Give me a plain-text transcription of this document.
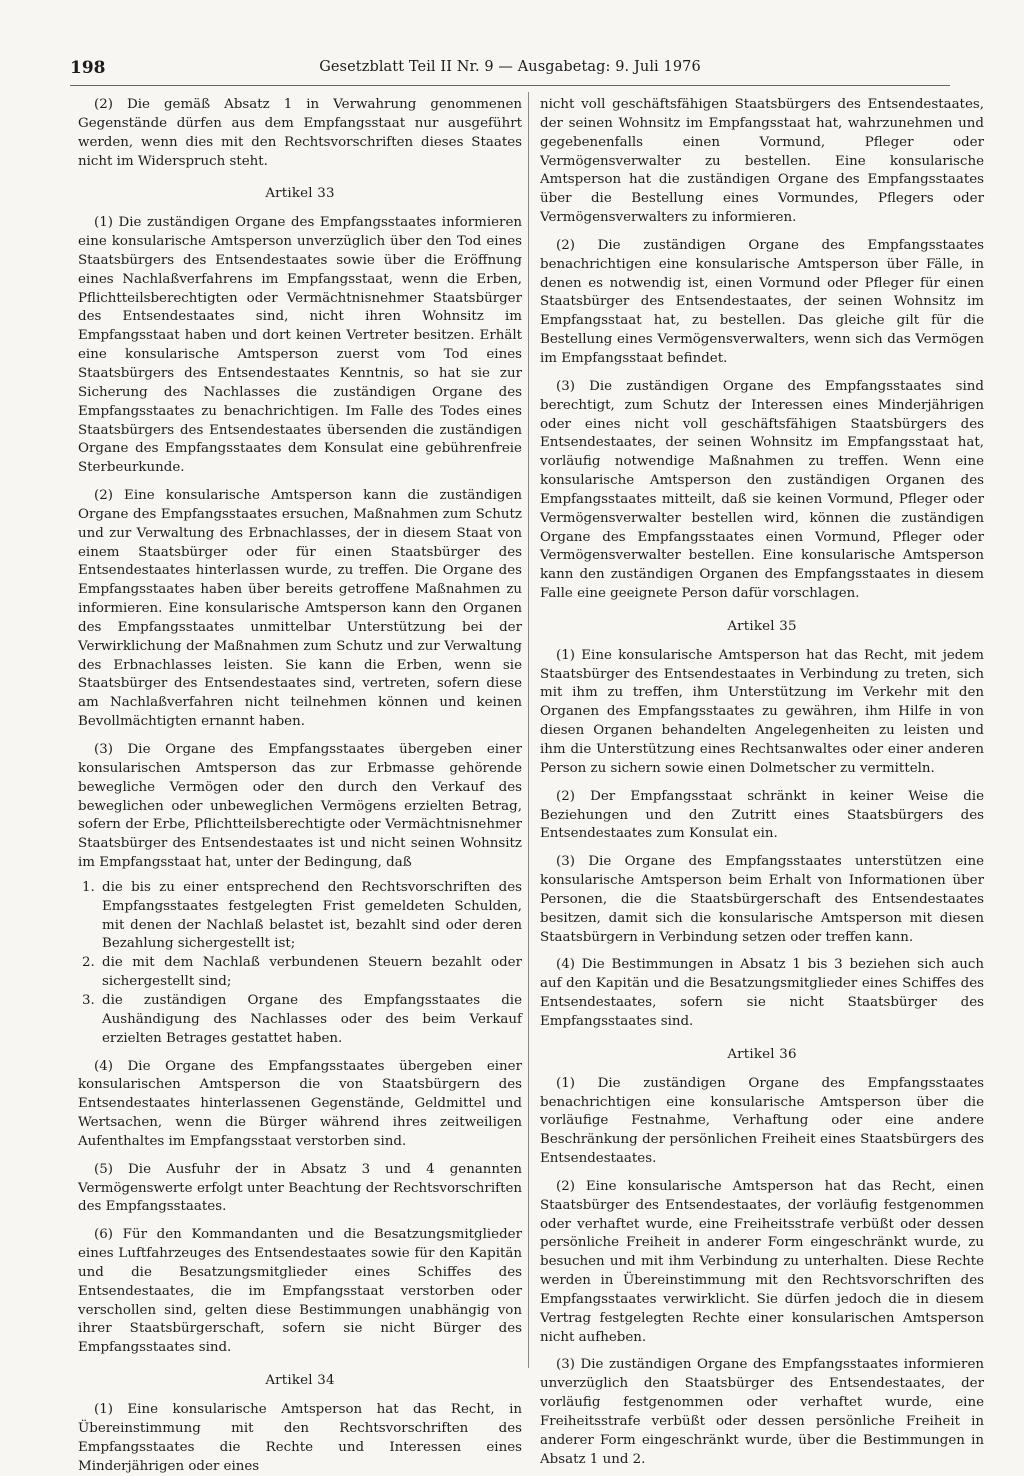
198	Gesetzblatt Teil II Nr. 9 — Ausgabetag: 9. Juli 1976

(2) Die gemäß Absatz 1 in Verwahrung genommenen Gegenstände dürfen aus dem Empfangsstaat nur ausgeführt werden, wenn dies mit den Rechtsvorschriften dieses Staates nicht im Widerspruch steht.

Artikel 33

(1) Die zuständigen Organe des Empfangsstaates informieren eine konsularische Amtsperson unverzüglich über den Tod eines Staatsbürgers des Entsendestaates sowie über die Eröffnung eines Nachlaßverfahrens im Empfangsstaat, wenn die Erben, Pflichtteilsberechtigten oder Vermächtnisnehmer Staatsbürger des Entsendestaates sind, nicht ihren Wohnsitz im Empfangsstaat haben und dort keinen Vertreter besitzen. Erhält eine konsularische Amtsperson zuerst vom Tod eines Staatsbürgers des Entsendestaates Kenntnis, so hat sie zur Sicherung des Nachlasses die zuständigen Organe des Empfangsstaates zu benachrichtigen. Im Falle des Todes eines Staatsbürgers des Entsendestaates übersenden die zuständigen Organe des Empfangsstaates dem Konsulat eine gebührenfreie Sterbeurkunde.

(2) Eine konsularische Amtsperson kann die zuständigen Organe des Empfangsstaates ersuchen, Maßnahmen zum Schutz und zur Verwaltung des Erbnachlasses, der in diesem Staat von einem Staatsbürger oder für einen Staatsbürger des Entsendestaates hinterlassen wurde, zu treffen. Die Organe des Empfangsstaates haben über bereits getroffene Maßnahmen zu informieren. Eine konsularische Amtsperson kann den Organen des Empfangsstaates unmittelbar Unterstützung bei der Verwirklichung der Maßnahmen zum Schutz und zur Verwaltung des Erbnachlasses leisten. Sie kann die Erben, wenn sie Staatsbürger des Entsendestaates sind, vertreten, sofern diese am Nachlaßverfahren nicht teilnehmen können und keinen Bevollmächtigten ernannt haben.

(3) Die Organe des Empfangsstaates übergeben einer konsularischen Amtsperson das zur Erbmasse gehörende bewegliche Vermögen oder den durch den Verkauf des beweglichen oder unbeweglichen Vermögens erzielten Betrag, sofern der Erbe, Pflichtteilsberechtigte oder Vermächtnisnehmer Staatsbürger des Entsendestaates ist und nicht seinen Wohnsitz im Empfangsstaat hat, unter der Bedingung, daß

1. die bis zu einer entsprechend den Rechtsvorschriften des Empfangsstaates festgelegten Frist gemeldeten Schulden, mit denen der Nachlaß belastet ist, bezahlt sind oder deren Bezahlung sichergestellt ist;
2. die mit dem Nachlaß verbundenen Steuern bezahlt oder sichergestellt sind;
3. die zuständigen Organe des Empfangsstaates die Aushändigung des Nachlasses oder des beim Verkauf erzielten Betrages gestattet haben.

(4) Die Organe des Empfangsstaates übergeben einer konsularischen Amtsperson die von Staatsbürgern des Entsendestaates hinterlassenen Gegenstände, Geldmittel und Wertsachen, wenn die Bürger während ihres zeitweiligen Aufenthaltes im Empfangsstaat verstorben sind.

(5) Die Ausfuhr der in Absatz 3 und 4 genannten Vermögenswerte erfolgt unter Beachtung der Rechtsvorschriften des Empfangsstaates.

(6) Für den Kommandanten und die Besatzungsmitglieder eines Luftfahrzeuges des Entsendestaates sowie für den Kapitän und die Besatzungsmitglieder eines Schiffes des Entsendestaates, die im Empfangsstaat verstorben oder verschollen sind, gelten diese Bestimmungen unabhängig von ihrer Staatsbürgerschaft, sofern sie nicht Bürger des Empfangsstaates sind.

Artikel 34

(1) Eine konsularische Amtsperson hat das Recht, in Übereinstimmung mit den Rechtsvorschriften des Empfangsstaates die Rechte und Interessen eines Minderjährigen oder eines

nicht voll geschäftsfähigen Staatsbürgers des Entsendestaates, der seinen Wohnsitz im Empfangsstaat hat, wahrzunehmen und gegebenenfalls einen Vormund, Pfleger oder Vermögensverwalter zu bestellen. Eine konsularische Amtsperson hat die zuständigen Organe des Empfangsstaates über die Bestellung eines Vormundes, Pflegers oder Vermögensverwalters zu informieren.

(2) Die zuständigen Organe des Empfangsstaates benachrichtigen eine konsularische Amtsperson über Fälle, in denen es notwendig ist, einen Vormund oder Pfleger für einen Staatsbürger des Entsendestaates, der seinen Wohnsitz im Empfangsstaat hat, zu bestellen. Das gleiche gilt für die Bestellung eines Vermögensverwalters, wenn sich das Vermögen im Empfangsstaat befindet.

(3) Die zuständigen Organe des Empfangsstaates sind berechtigt, zum Schutz der Interessen eines Minderjährigen oder eines nicht voll geschäftsfähigen Staatsbürgers des Entsendestaates, der seinen Wohnsitz im Empfangsstaat hat, vorläufig notwendige Maßnahmen zu treffen. Wenn eine konsularische Amtsperson den zuständigen Organen des Empfangsstaates mitteilt, daß sie keinen Vormund, Pfleger oder Vermögensverwalter bestellen wird, können die zuständigen Organe des Empfangsstaates einen Vormund, Pfleger oder Vermögensverwalter bestellen. Eine konsularische Amtsperson kann den zuständigen Organen des Empfangsstaates in diesem Falle eine geeignete Person dafür vorschlagen.

Artikel 35

(1) Eine konsularische Amtsperson hat das Recht, mit jedem Staatsbürger des Entsendestaates in Verbindung zu treten, sich mit ihm zu treffen, ihm Unterstützung im Verkehr mit den Organen des Empfangsstaates zu gewähren, ihm Hilfe in von diesen Organen behandelten Angelegenheiten zu leisten und ihm die Unterstützung eines Rechtsanwaltes oder einer anderen Person zu sichern sowie einen Dolmetscher zu vermitteln.

(2) Der Empfangsstaat schränkt in keiner Weise die Beziehungen und den Zutritt eines Staatsbürgers des Entsendestaates zum Konsulat ein.

(3) Die Organe des Empfangsstaates unterstützen eine konsularische Amtsperson beim Erhalt von Informationen über Personen, die die Staatsbürgerschaft des Entsendestaates besitzen, damit sich die konsularische Amtsperson mit diesen Staatsbürgern in Verbindung setzen oder treffen kann.

(4) Die Bestimmungen in Absatz 1 bis 3 beziehen sich auch auf den Kapitän und die Besatzungsmitglieder eines Schiffes des Entsendestaates, sofern sie nicht Staatsbürger des Empfangsstaates sind.

Artikel 36

(1) Die zuständigen Organe des Empfangsstaates benachrichtigen eine konsularische Amtsperson über die vorläufige Festnahme, Verhaftung oder eine andere Beschränkung der persönlichen Freiheit eines Staatsbürgers des Entsendestaates.

(2) Eine konsularische Amtsperson hat das Recht, einen Staatsbürger des Entsendestaates, der vorläufig festgenommen oder verhaftet wurde, eine Freiheitsstrafe verbüßt oder dessen persönliche Freiheit in anderer Form eingeschränkt wurde, zu besuchen und mit ihm Verbindung zu unterhalten. Diese Rechte werden in Übereinstimmung mit den Rechtsvorschriften des Empfangsstaates verwirklicht. Sie dürfen jedoch die in diesem Vertrag festgelegten Rechte einer konsularischen Amtsperson nicht aufheben.

(3) Die zuständigen Organe des Empfangsstaates informieren unverzüglich den Staatsbürger des Entsendestaates, der vorläufig festgenommen oder verhaftet wurde, eine Freiheitsstrafe verbüßt oder dessen persönliche Freiheit in anderer Form eingeschränkt wurde, über die Bestimmungen in Absatz 1 und 2.
